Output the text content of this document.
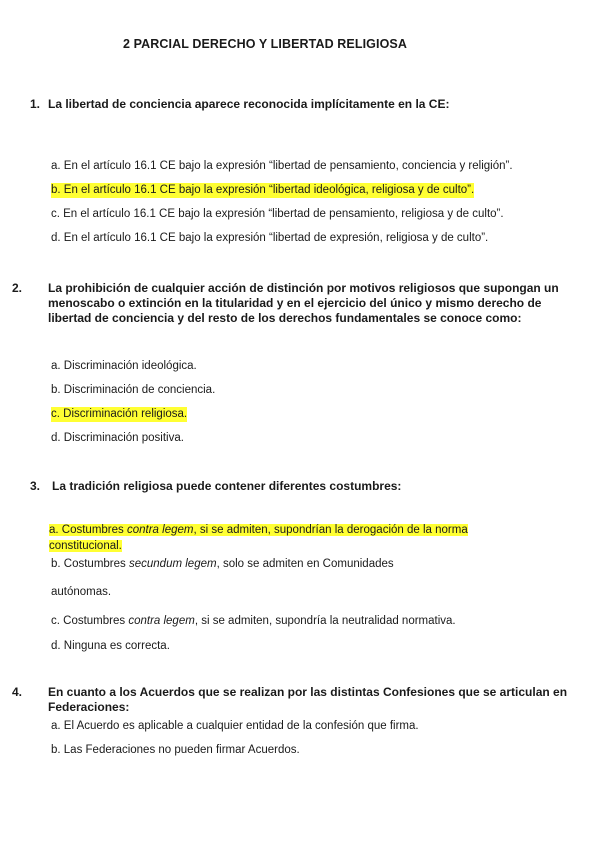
2 PARCIAL DERECHO Y LIBERTAD RELIGIOSA
1. La libertad de conciencia aparece reconocida implícitamente en la CE:
a. En el artículo 16.1 CE bajo la expresión “libertad de pensamiento, conciencia y religión”.
b. En el artículo 16.1 CE bajo la expresión “libertad ideológica, religiosa y de culto”.
c. En el artículo 16.1 CE bajo la expresión “libertad de pensamiento, religiosa y de culto”.
d. En el artículo 16.1 CE bajo la expresión “libertad de expresión, religiosa y de culto”.
2. La prohibición de cualquier acción de distinción por motivos religiosos que supongan un menoscabo o extinción en la titularidad y en el ejercicio del único y mismo derecho de libertad de conciencia y del resto de los derechos fundamentales se conoce como:
a. Discriminación ideológica.
b. Discriminación de conciencia.
c. Discriminación religiosa.
d. Discriminación positiva.
3. La tradición religiosa puede contener diferentes costumbres:
a. Costumbres contra legem, si se admiten, supondrían la derogación de la norma
constitucional.
b. Costumbres secundum legem, solo se admiten en Comunidades
autónomas.
c. Costumbres contra legem, si se admiten, supondría la neutralidad normativa.
d. Ninguna es correcta.
4. En cuanto a los Acuerdos que se realizan por las distintas Confesiones que se articulan en Federaciones:
a. El Acuerdo es aplicable a cualquier entidad de la confesión que firma.
b. Las Federaciones no pueden firmar Acuerdos.
